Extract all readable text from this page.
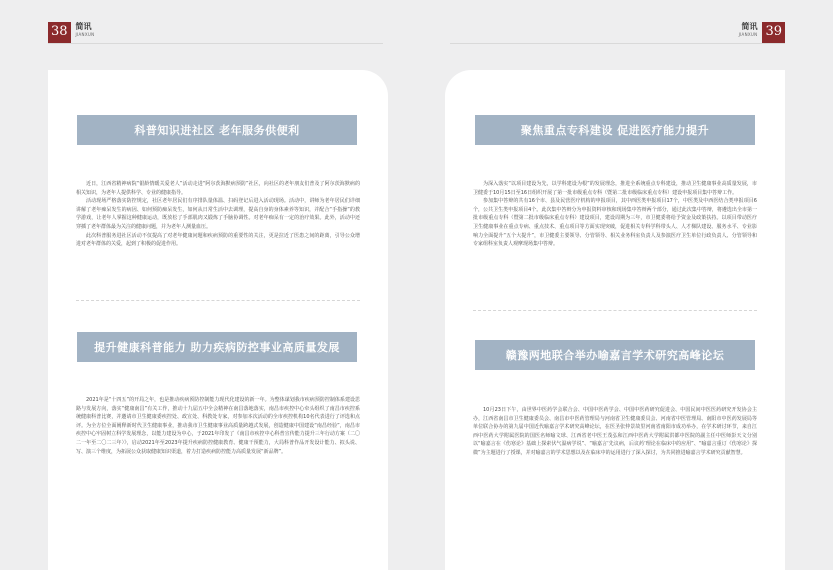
38	简讯
JIANXUN
简讯
JIANXUN 39
科普知识进社区 老年服务供便利

近日，江西省精神病院“银龄情暖关爱老人”活动走进“阿尔茨海默病预防”社区，向社区的老年朋友们普及了阿尔茨海默病的相关知识，为老年人提供科学、专业的健康指导。

活动现场严格落实防控规定，社区老年居民们有序排队量体温、扫码登记后进入活动现场。活动中，讲师为老年居民们详细讲解了老年痴呆发生的病因、如何预防痴呆发生，如何从日常生活中去调理，提高自身的身体素养等知识，并配合“手指操”的教学游戏，让老年人掌握这种健康运动，既放松了手部肌肉又锻炼了手脑协调性。对老年痴呆有一定的治疗效果。此外，活动中还穿插了老年群体最为关注的健康问题，并为老年人测量血压。

此次科普服务进社区活动不仅提高了对老年健康问题和疾病预防的重要性的关注，更是拉近了医患之间的距离，引导公众增进对老年群体的关爱，起到了积极的促进作用。

提升健康科普能力 助力疾病防控事业高质量发展

2021年是“十四五”的开局之年，也是推动疾病预防控制能力现代化建设的新一年。为整体谋划我市疾病预防控制体系建设思路与发展方向，落实“健康南昌”有关工作，推动十九届五中全会精神在南昌落地落实，南昌市疾控中心牵头组织了南昌市疾控系统健康科普比赛，并邀请市卫生健康委疾控处、政宣处、科教处专家，对参加本次活动的全市疾控机构10名代表进行了评选和点评。为全方位全面阐释新时代卫生健康事业，推动我市卫生健康事业高质量跨越式发展，创造健康中国建设“南昌经验”，南昌市疾控中心牢固树立科学发展理念，以能力建设为中心，于2021年印发了《南昌市疾控中心科普宣传能力提升三年行动方案（二〇二一年至二〇二三年）》，启动2021年至2023年提升疾病防控健康教育、健康干预能力，大局科普作品开发设计能力、拟头说、写、演三个维度，为拓展公众获取健康知识渠道，着力打造疾病防控能力高质量发展“新品牌”。

聚焦重点专科建设 促进医疗能力提升

为深入落实“以项目建设为先，以学科建设为根”的发展理念，推进全系统重点专科建设，推动卫生健康事业高质量发展，市卫健委于10月15日至16日组织开展了第一批市级重点专科（暨第二批市级临床重点专科）建设申报项目集中答辩工作。

参加集中答辩的共有16个市、县及民营医疗机构的申报项目，其中西医类申报项目17个，中医类及中西医结合类申报项目6个，公共卫生类申报项目4个。此次集中答辩分为申报资料审核和现场集中答辩两个部分，通过此次集中答辩，将遴选出全市第一批市级重点专科（暨第二批市级临床重点专科）建设项目，建设周期为三年，市卫健委将给予资金及政策扶持。以项目带动医疗卫生健康事业在重点专病、重点技术、重点项目等方面实现突破，促进相关专科学科带头人、人才梯队建设、服务水平、专业影响力全面提升“五个大提升”，市卫健委主要领导、分管领导、相关业务科室负责人及参演医疗卫生单位行政负责人、分管领导和专家组科室负责人观摩现场集中答辩。

赣豫两地联合举办喻嘉言学术研究高峰论坛

10月23日下午，由世界中医药学会联合会、中国中医药学会、中国中医药研究促进会、中国民间中医医药研究开发协会主办，江西省南昌市卫生健康委员会、南昌市中医药管理局与河南省卫生健康委员会、河南省中医管理局、南阳市中医药发展局等单位联合协办的第九届中国近代喻嘉言学术研究高峰论坛，在医圣张仲景故里河南省南阳市成功举办，在学术研讨环节，来自江西中医药大学附属医院的国医名师喻文球、江西省老中医王茂弘和江西中医药大学附属洪都中医院的副主任中医师彭天文分别以“喻嘉言在《伤寒论》基础上探索伏气温病学说”、“喻嘉言‘先议病，后议药’理论在临床中的应用”、“喻嘉言重订《伤寒论》探微”为主题进行了授课，并对喻嘉言的学术思想以及在临床中的运用进行了深入探讨，为共同推进喻嘉言学术研究贡献智慧。
